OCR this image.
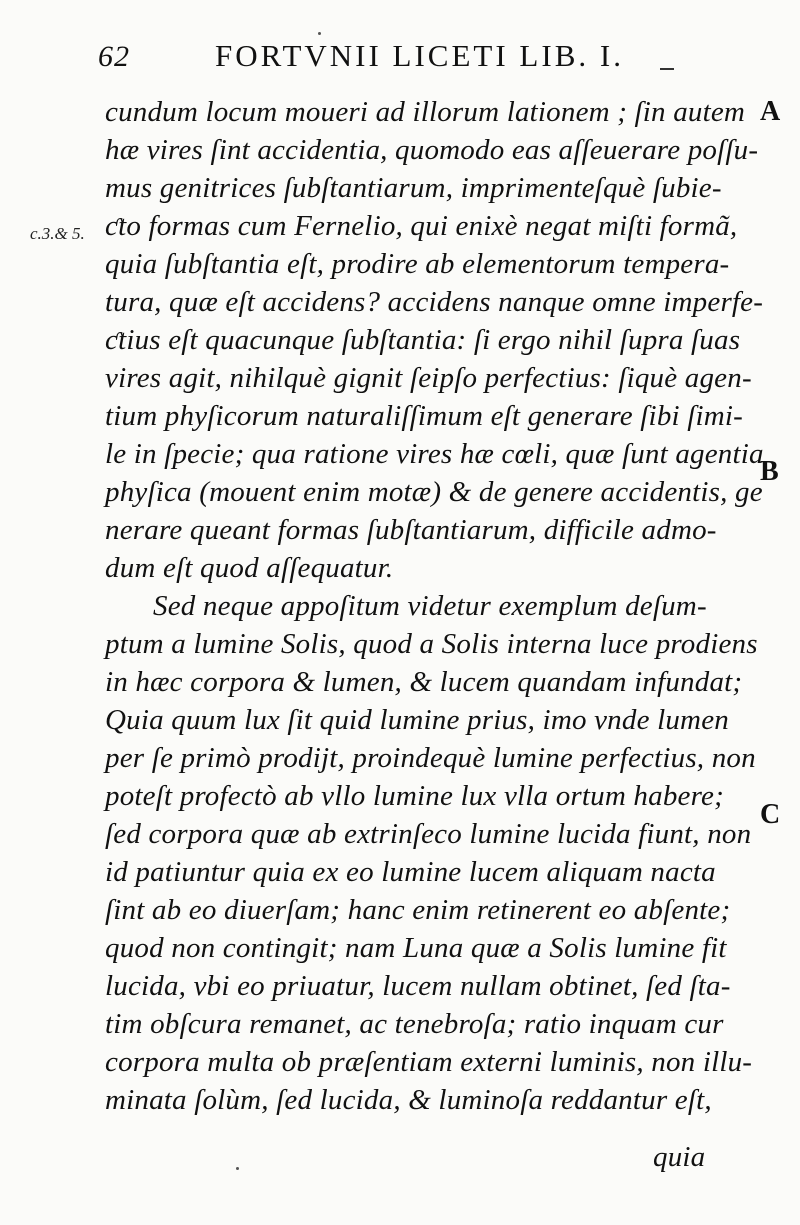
62	FORTVNII LICETI LIB. I.
c.3.& 5.
A
B
C
cundum locum moueri ad illorum lationem ; ſin autem
hæ vires ſint accidentia, quomodo eas aſſeuerare poſſu-
mus genitrices ſubſtantiarum, imprimenteſquè ſubie-
ƈto formas cum Fernelio, qui enixè negat miſti formã,
quia ſubſtantia eſt, prodire ab elementorum tempera-
tura, quæ eſt accidens? accidens nanque omne imperfe-
ƈtius eſt quacunque ſubſtantia: ſi ergo nihil ſupra ſuas
vires agit, nihilquè gignit ſeipſo perfectius: ſiquè agen-
tium phyſicorum naturaliſſimum eſt generare ſibi ſimi-
le in ſpecie; qua ratione vires hæ cœli, quæ ſunt agentia
phyſica (mouent enim motæ) & de genere accidentis, ge
nerare queant formas ſubſtantiarum, difficile admo-
dum eſt quod aſſequatur.
Sed neque appoſitum videtur exemplum deſum-
ptum a lumine Solis, quod a Solis interna luce prodiens
in hæc corpora & lumen, & lucem quandam infundat;
Quia quum lux ſit quid lumine prius, imo vnde lumen
per ſe primò prodijt, proindequè lumine perfectius, non
poteſt profectò ab vllo lumine lux vlla ortum habere;
ſed corpora quæ ab extrinſeco lumine lucida fiunt, non
id patiuntur quia ex eo lumine lucem aliquam nacta
ſint ab eo diuerſam; hanc enim retinerent eo abſente;
quod non contingit; nam Luna quæ a Solis lumine fit
lucida, vbi eo priuatur, lucem nullam obtinet, ſed ſta-
tim obſcura remanet, ac tenebroſa; ratio inquam cur
corpora multa ob præſentiam externi luminis, non illu-
minata ſolùm, ſed lucida, & luminoſa reddantur eſt,
quia
